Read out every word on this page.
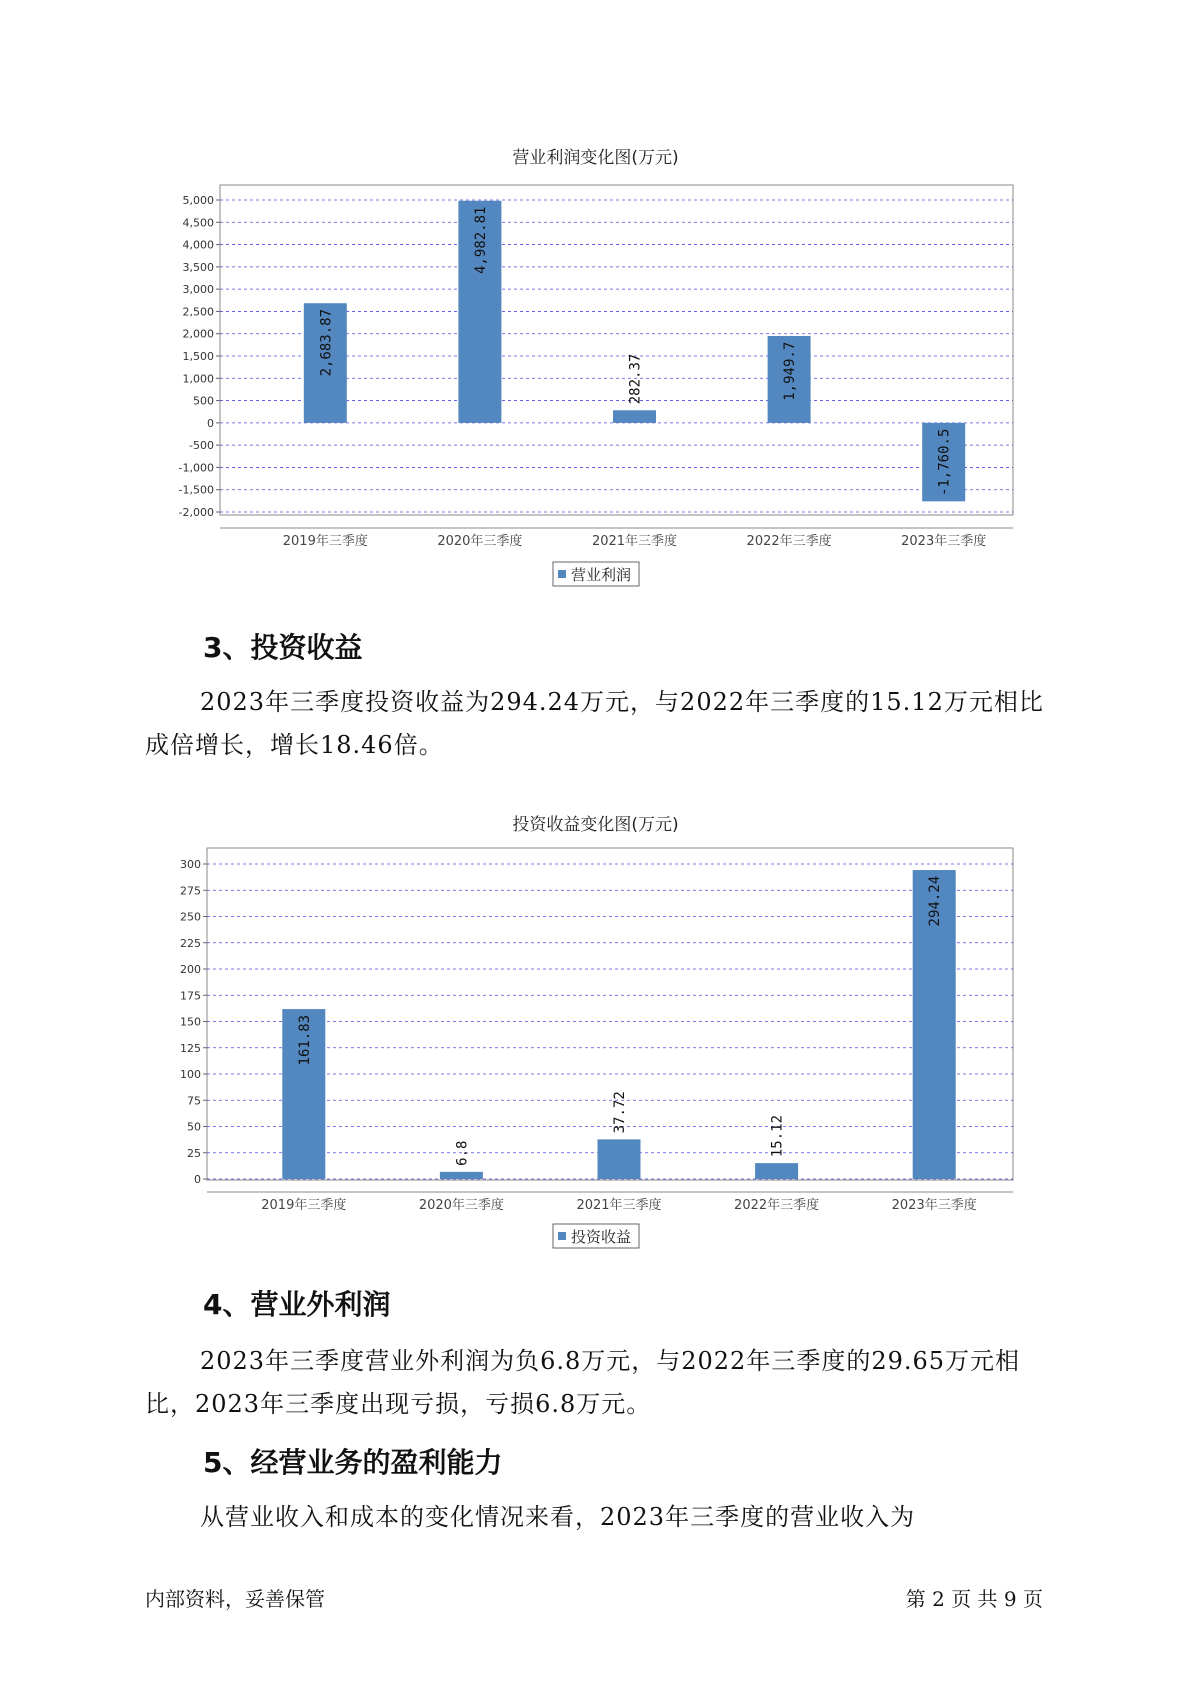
营业利润变化图(万元)
5,000
4,500
4,000
3,500
3,000
2,500
2,000
1,500
1,000
500
0
-500
-1,000
-1,500
-2,000
2,683.87
2019年三季度
4,982.81
2020年三季度
282.37
2021年三季度
1,949.7
2022年三季度
-1,760.5
2023年三季度
营业利润
3、投资收益

2023年三季度投资收益为294.24万元，与2022年三季度的15.12万元相比成倍增长，增长18.46倍。

投资收益变化图(万元)
300
275
250
225
200
175
150
125
100
75
50
25
0
161.83
2019年三季度
6.8
2020年三季度
37.72
2021年三季度
15.12
2022年三季度
294.24
2023年三季度
投资收益
4、营业外利润

2023年三季度营业外利润为负6.8万元，与2022年三季度的29.65万元相比，2023年三季度出现亏损，亏损6.8万元。

5、经营业务的盈利能力

从营业收入和成本的变化情况来看，2023年三季度的营业收入为

内部资料，妥善保管	第 2 页 共 9 页
